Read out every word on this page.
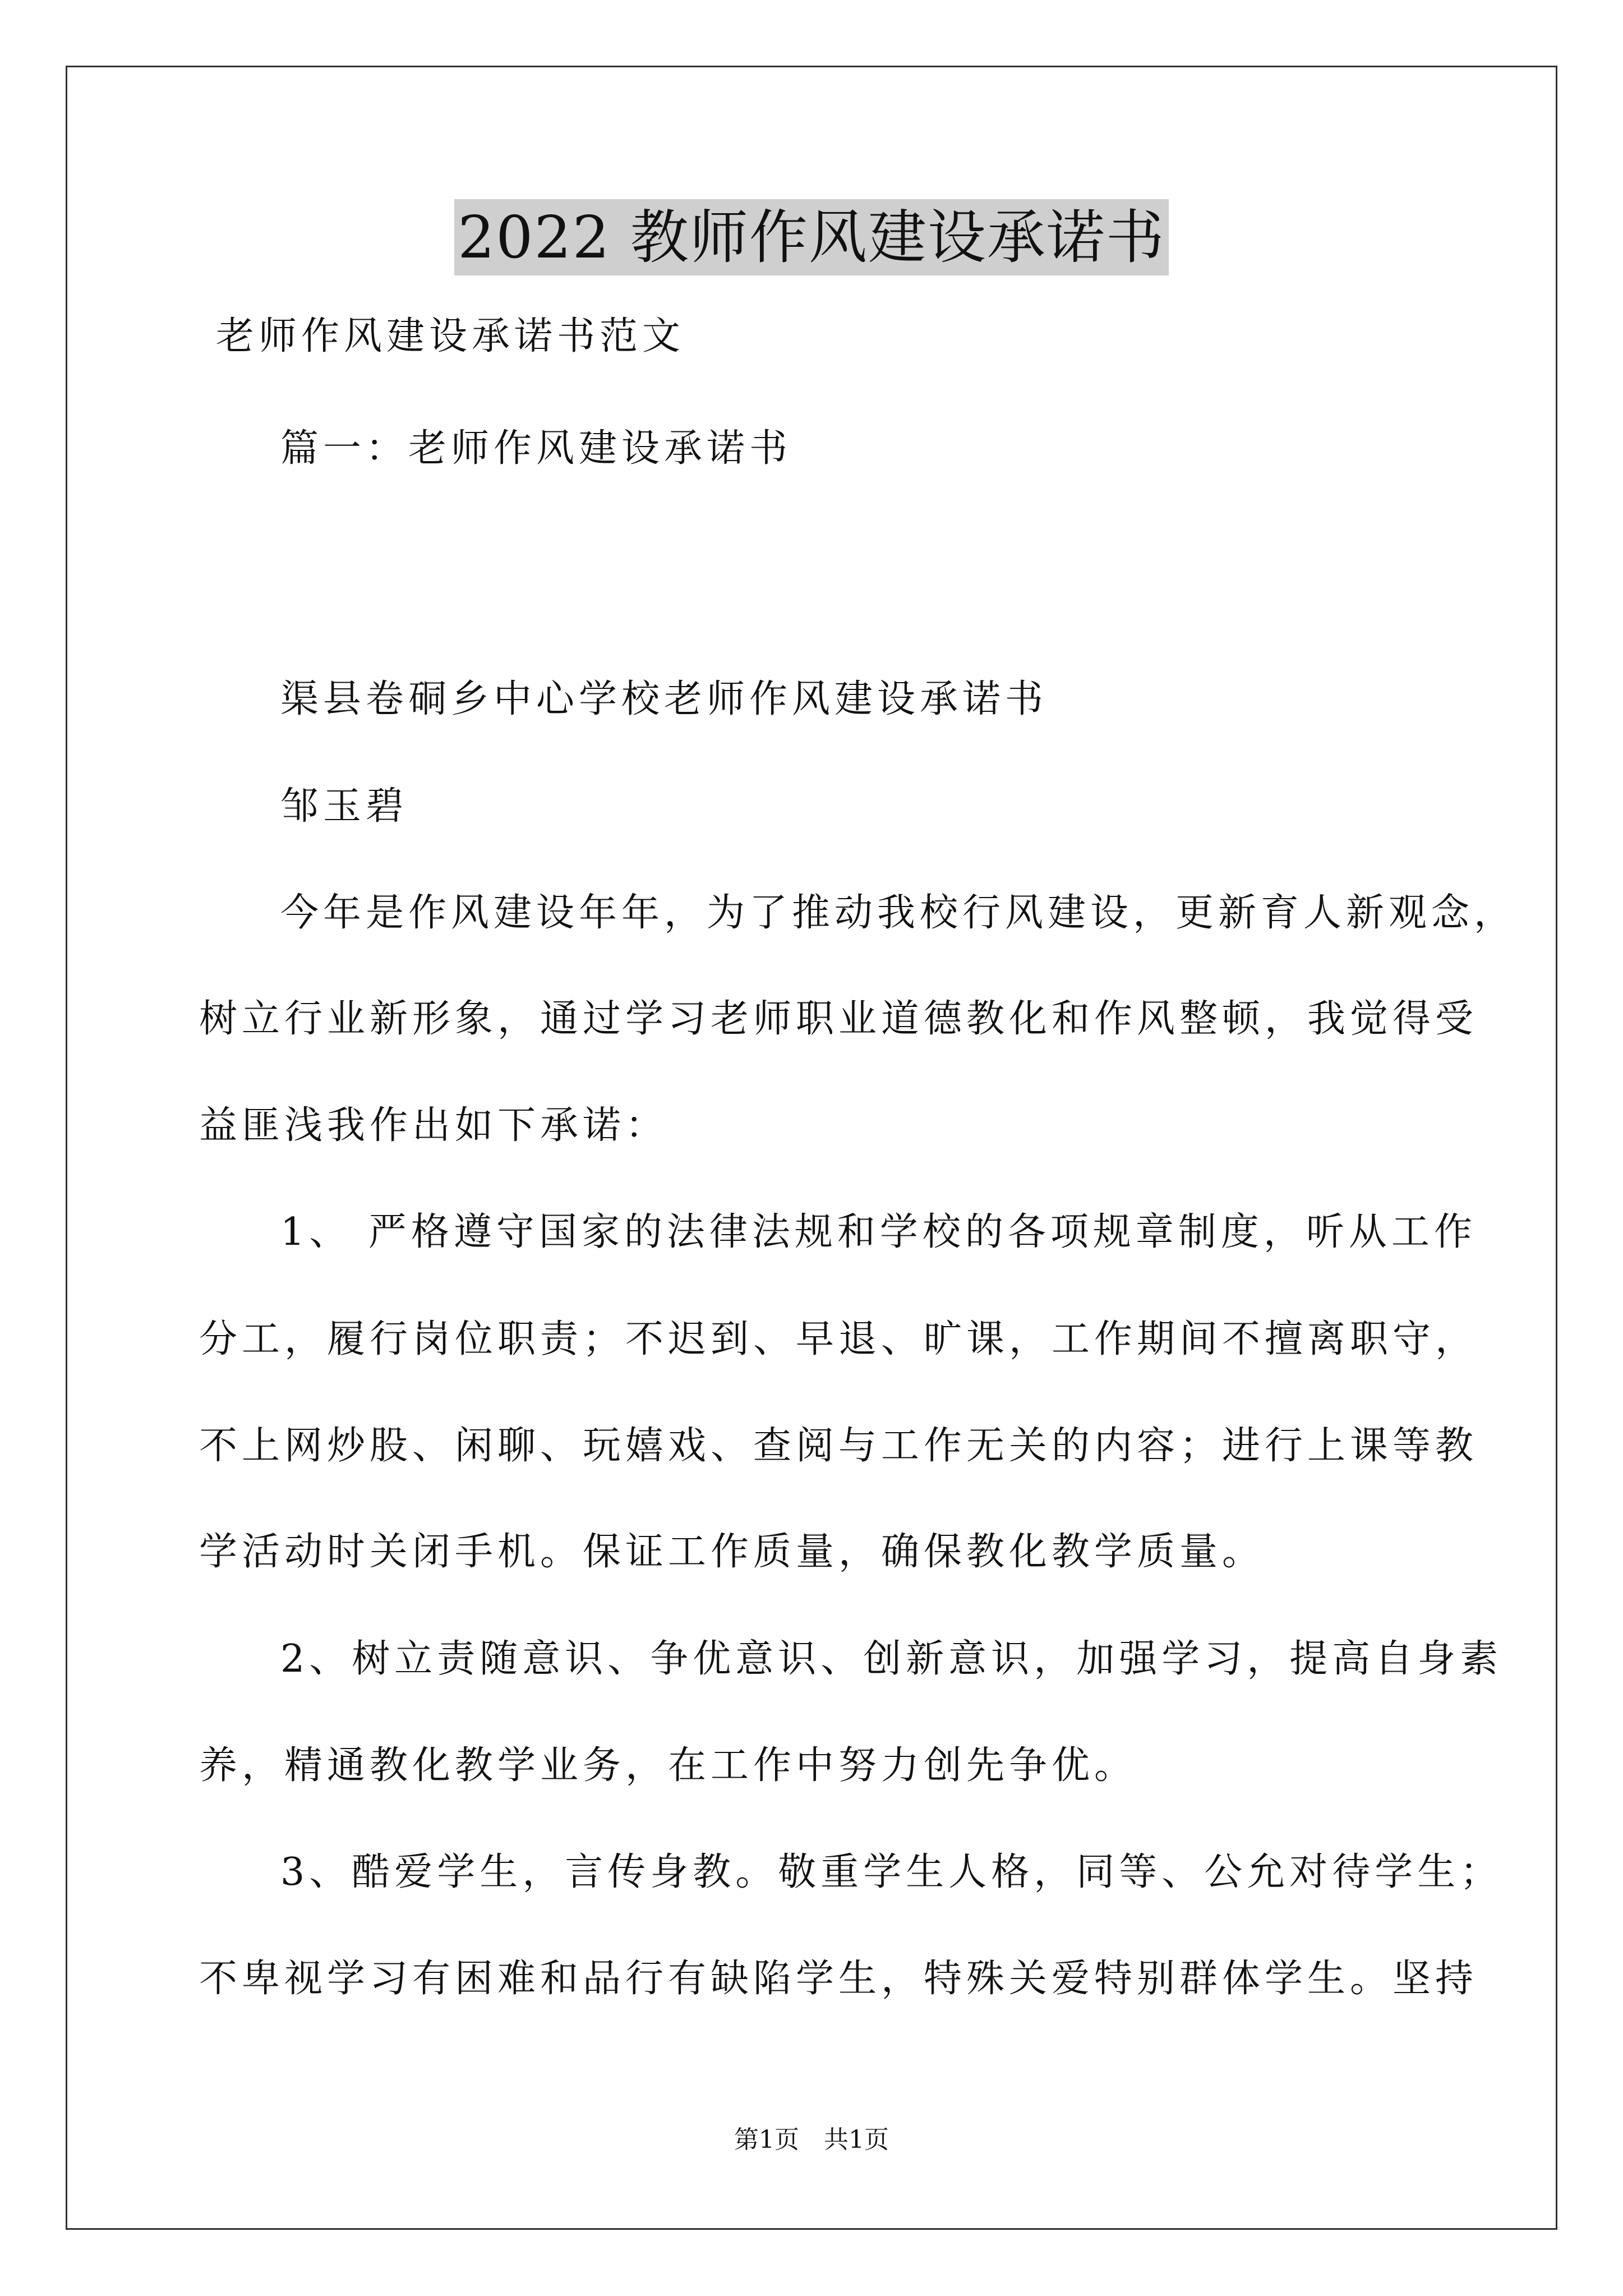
2022 教师作风建设承诺书
老师作风建设承诺书范文
篇一：老师作风建设承诺书
渠县卷硐乡中心学校老师作风建设承诺书
邹玉碧
今年是作风建设年年，为了推动我校行风建设，更新育人新观念，
树立行业新形象，通过学习老师职业道德教化和作风整顿，我觉得受
益匪浅我作出如下承诺：
1、 严格遵守国家的法律法规和学校的各项规章制度，听从工作
分工，履行岗位职责；不迟到、早退、旷课，工作期间不擅离职守，
不上网炒股、闲聊、玩嬉戏、查阅与工作无关的内容；进行上课等教
学活动时关闭手机。保证工作质量，确保教化教学质量。
2、树立责随意识、争优意识、创新意识，加强学习，提高自身素
养，精通教化教学业务，在工作中努力创先争优。
3、酷爱学生，言传身教。敬重学生人格，同等、公允对待学生；
不卑视学习有困难和品行有缺陷学生，特殊关爱特别群体学生。坚持
第1页　共1页
